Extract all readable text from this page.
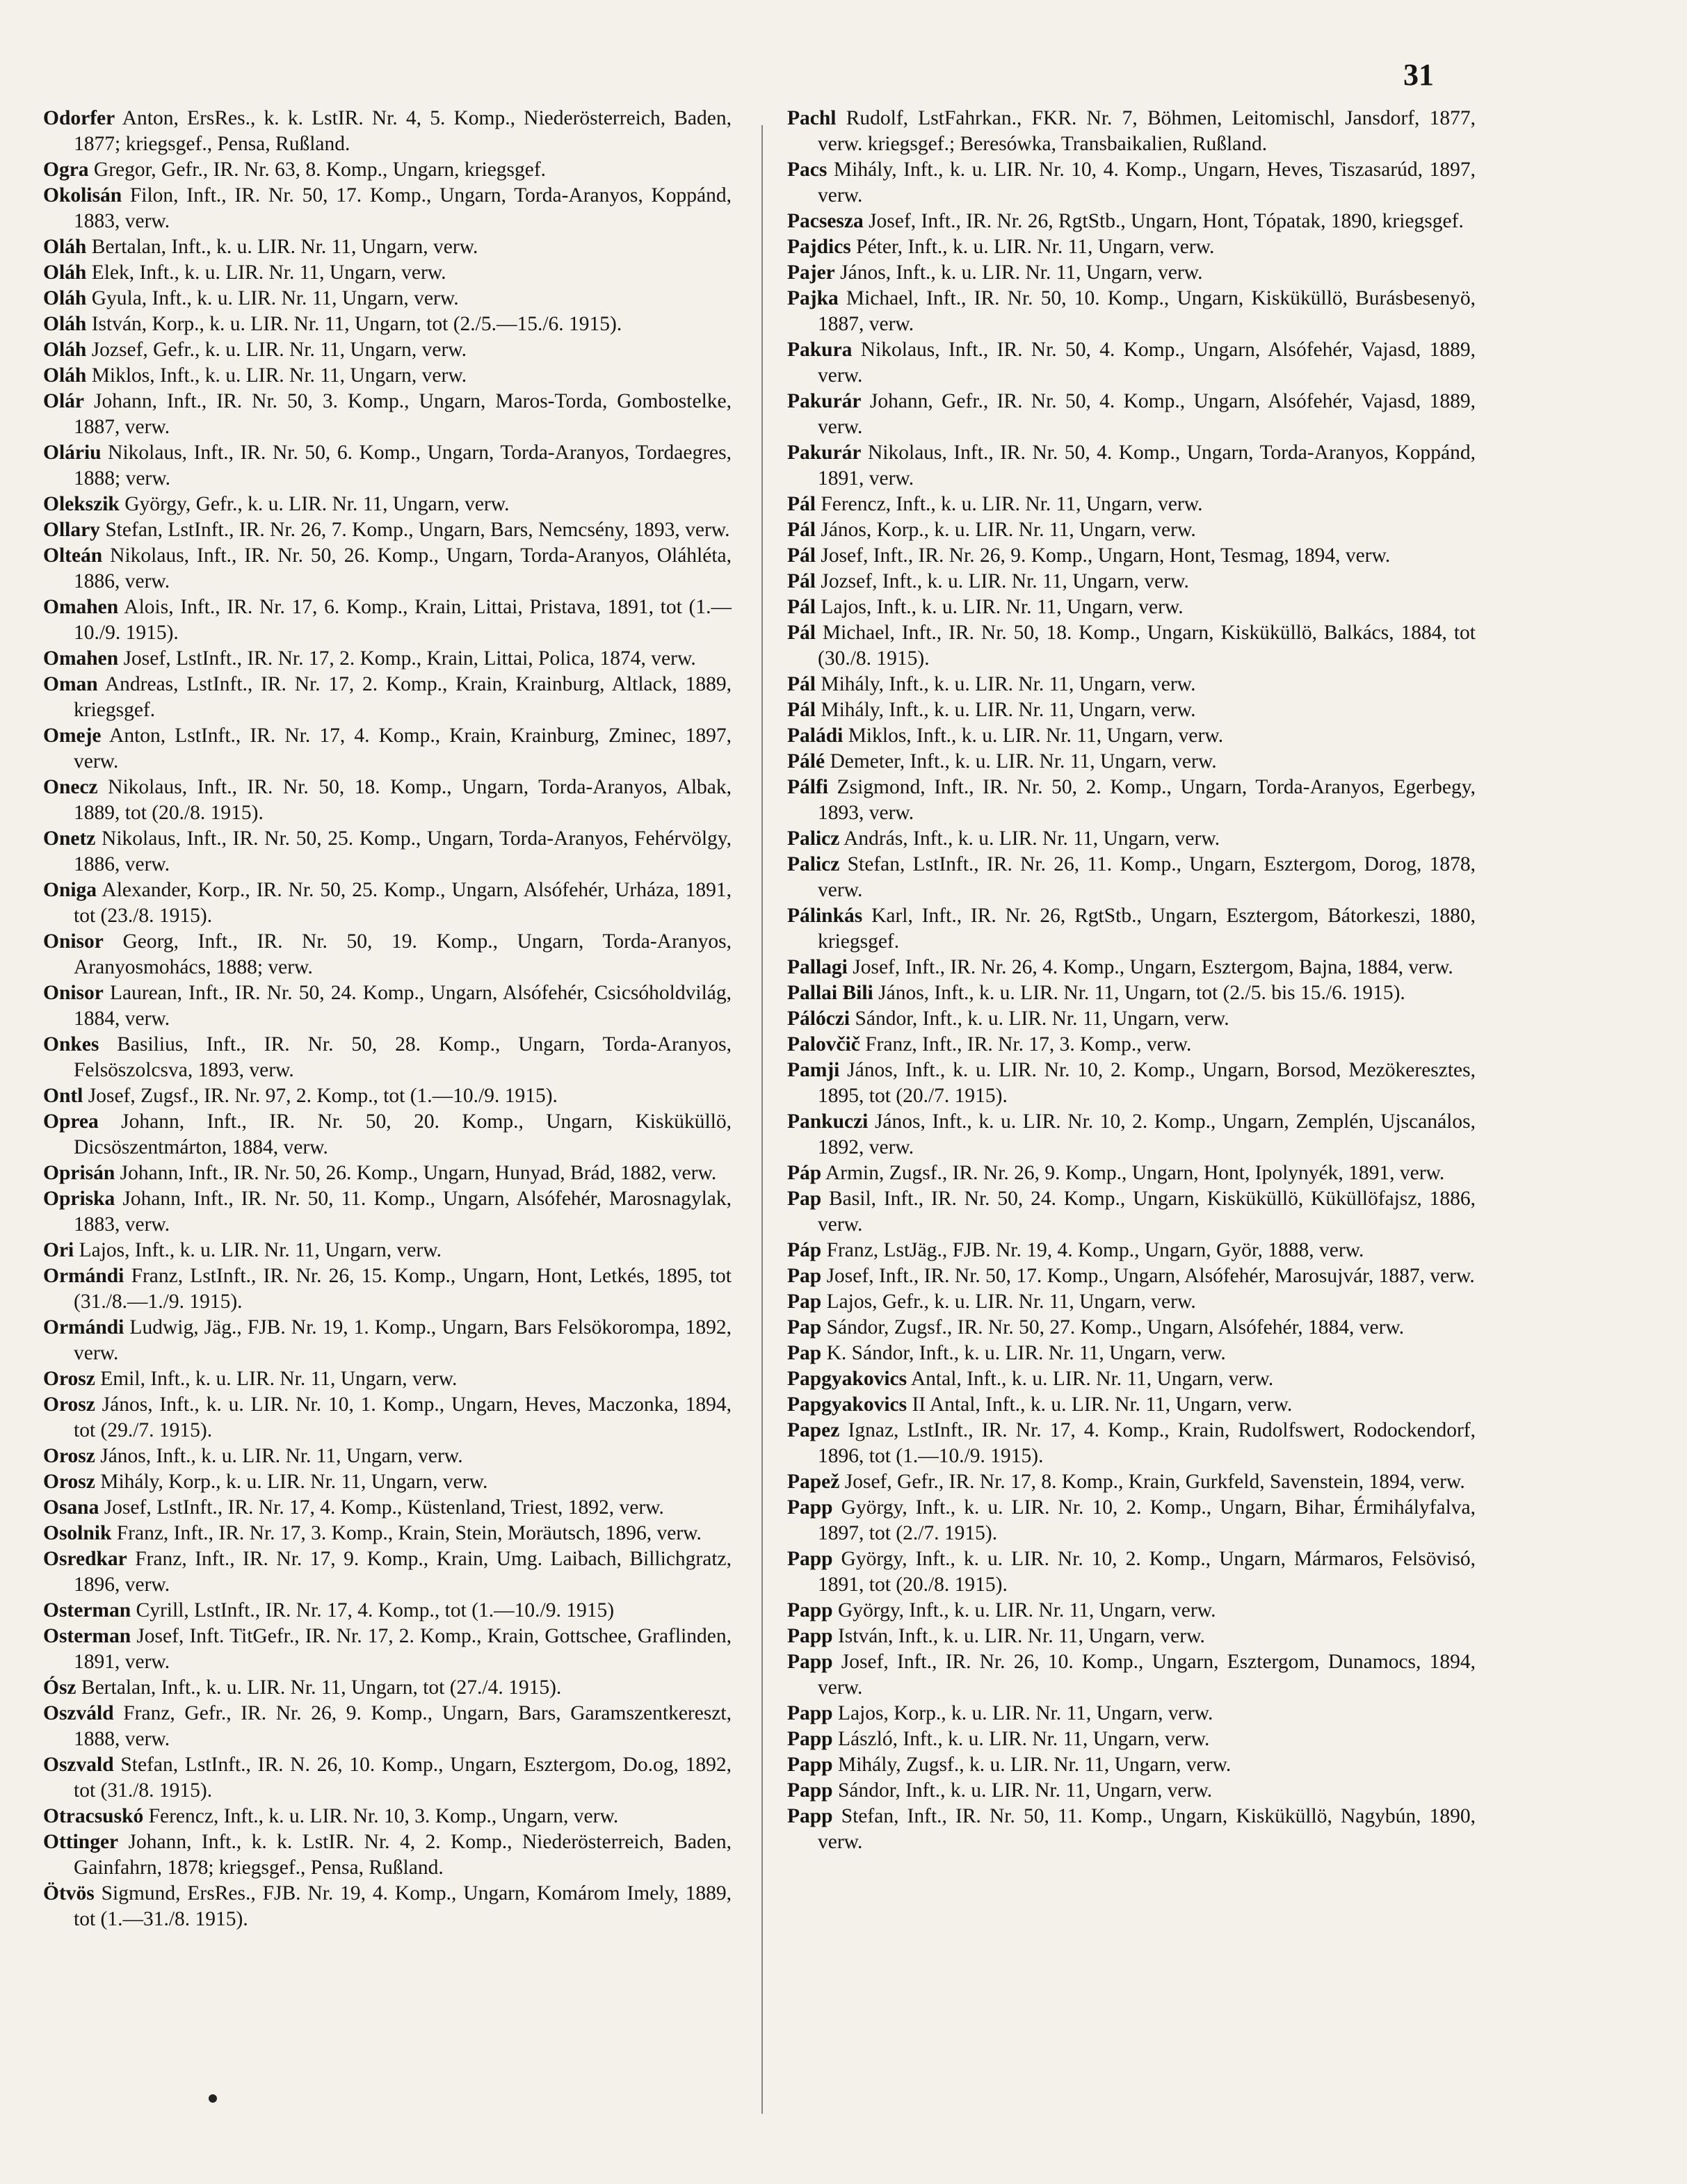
31
Odorfer Anton, ErsRes., k. k. LstIR. Nr. 4, 5. Komp., Niederösterreich, Baden, 1877; kriegsgef., Pensa, Rußland.
Ogra Gregor, Gefr., IR. Nr. 63, 8. Komp., Ungarn, kriegsgef.
Okolisán Filon, Inft., IR. Nr. 50, 17. Komp., Ungarn, Torda-Aranyos, Koppánd, 1883, verw.
Oláh Bertalan, Inft., k. u. LIR. Nr. 11, Ungarn, verw.
Oláh Elek, Inft., k. u. LIR. Nr. 11, Ungarn, verw.
Oláh Gyula, Inft., k. u. LIR. Nr. 11, Ungarn, verw.
Oláh István, Korp., k. u. LIR. Nr. 11, Ungarn, tot (2./5.—15./6. 1915).
Oláh Jozsef, Gefr., k. u. LIR. Nr. 11, Ungarn, verw.
Oláh Miklos, Inft., k. u. LIR. Nr. 11, Ungarn, verw.
Olár Johann, Inft., IR. Nr. 50, 3. Komp., Ungarn, Maros-Torda, Gombostelke, 1887, verw.
Oláriu Nikolaus, Inft., IR. Nr. 50, 6. Komp., Ungarn, Torda-Aranyos, Tordaegres, 1888; verw.
Olekszik György, Gefr., k. u. LIR. Nr. 11, Ungarn, verw.
Ollary Stefan, LstInft., IR. Nr. 26, 7. Komp., Ungarn, Bars, Nemcsény, 1893, verw.
Olteán Nikolaus, Inft., IR. Nr. 50, 26. Komp., Ungarn, Torda-Aranyos, Oláhléta, 1886, verw.
Omahen Alois, Inft., IR. Nr. 17, 6. Komp., Krain, Littai, Pristava, 1891, tot (1.—10./9. 1915).
Omahen Josef, LstInft., IR. Nr. 17, 2. Komp., Krain, Littai, Polica, 1874, verw.
Oman Andreas, LstInft., IR. Nr. 17, 2. Komp., Krain, Krainburg, Altlack, 1889, kriegsgef.
Omeje Anton, LstInft., IR. Nr. 17, 4. Komp., Krain, Krainburg, Zminec, 1897, verw.
Onecz Nikolaus, Inft., IR. Nr. 50, 18. Komp., Ungarn, Torda-Aranyos, Albak, 1889, tot (20./8. 1915).
Onetz Nikolaus, Inft., IR. Nr. 50, 25. Komp., Ungarn, Torda-Aranyos, Fehérvölgy, 1886, verw.
Oniga Alexander, Korp., IR. Nr. 50, 25. Komp., Ungarn, Alsófehér, Urháza, 1891, tot (23./8. 1915).
Onisor Georg, Inft., IR. Nr. 50, 19. Komp., Ungarn, Torda-Aranyos, Aranyosmohács, 1888; verw.
Onisor Laurean, Inft., IR. Nr. 50, 24. Komp., Ungarn, Alsófehér, Csicsóholdvilág, 1884, verw.
Onkes Basilius, Inft., IR. Nr. 50, 28. Komp., Ungarn, Torda-Aranyos, Felsöszolcsva, 1893, verw.
Ontl Josef, Zugsf., IR. Nr. 97, 2. Komp., tot (1.—10./9. 1915).
Oprea Johann, Inft., IR. Nr. 50, 20. Komp., Ungarn, Kisküküllö, Dicsöszentmárton, 1884, verw.
Oprisán Johann, Inft., IR. Nr. 50, 26. Komp., Ungarn, Hunyad, Brád, 1882, verw.
Opriska Johann, Inft., IR. Nr. 50, 11. Komp., Ungarn, Alsófehér, Marosnagylak, 1883, verw.
Ori Lajos, Inft., k. u. LIR. Nr. 11, Ungarn, verw.
Ormándi Franz, LstInft., IR. Nr. 26, 15. Komp., Ungarn, Hont, Letkés, 1895, tot (31./8.—1./9. 1915).
Ormándi Ludwig, Jäg., FJB. Nr. 19, 1. Komp., Ungarn, Bars Felsökorompa, 1892, verw.
Orosz Emil, Inft., k. u. LIR. Nr. 11, Ungarn, verw.
Orosz János, Inft., k. u. LIR. Nr. 10, 1. Komp., Ungarn, Heves, Maczonka, 1894, tot (29./7. 1915).
Orosz János, Inft., k. u. LIR. Nr. 11, Ungarn, verw.
Orosz Mihály, Korp., k. u. LIR. Nr. 11, Ungarn, verw.
Osana Josef, LstInft., IR. Nr. 17, 4. Komp., Küstenland, Triest, 1892, verw.
Osolnik Franz, Inft., IR. Nr. 17, 3. Komp., Krain, Stein, Moräutsch, 1896, verw.
Osredkar Franz, Inft., IR. Nr. 17, 9. Komp., Krain, Umg. Laibach, Billichgratz, 1896, verw.
Osterman Cyrill, LstInft., IR. Nr. 17, 4. Komp., tot (1.—10./9. 1915)
Osterman Josef, Inft. TitGefr., IR. Nr. 17, 2. Komp., Krain, Gottschee, Graflinden, 1891, verw.
Ósz Bertalan, Inft., k. u. LIR. Nr. 11, Ungarn, tot (27./4. 1915).
Oszváld Franz, Gefr., IR. Nr. 26, 9. Komp., Ungarn, Bars, Garamszentkereszt, 1888, verw.
Oszvald Stefan, LstInft., IR. N. 26, 10. Komp., Ungarn, Esztergom, Do.og, 1892, tot (31./8. 1915).
Otracsuskó Ferencz, Inft., k. u. LIR. Nr. 10, 3. Komp., Ungarn, verw.
Ottinger Johann, Inft., k. k. LstIR. Nr. 4, 2. Komp., Niederösterreich, Baden, Gainfahrn, 1878; kriegsgef., Pensa, Rußland.
Ötvös Sigmund, ErsRes., FJB. Nr. 19, 4. Komp., Ungarn, Komárom Imely, 1889, tot (1.—31./8. 1915).
Pachl Rudolf, LstFahrkan., FKR. Nr. 7, Böhmen, Leitomischl, Jansdorf, 1877, verw. kriegsgef.; Beresówka, Transbaikalien, Rußland.
Pacs Mihály, Inft., k. u. LIR. Nr. 10, 4. Komp., Ungarn, Heves, Tiszasarúd, 1897, verw.
Pacsesza Josef, Inft., IR. Nr. 26, RgtStb., Ungarn, Hont, Tópatak, 1890, kriegsgef.
Pajdics Péter, Inft., k. u. LIR. Nr. 11, Ungarn, verw.
Pajer János, Inft., k. u. LIR. Nr. 11, Ungarn, verw.
Pajka Michael, Inft., IR. Nr. 50, 10. Komp., Ungarn, Kisküküllö, Burásbesenyö, 1887, verw.
Pakura Nikolaus, Inft., IR. Nr. 50, 4. Komp., Ungarn, Alsófehér, Vajasd, 1889, verw.
Pakurár Johann, Gefr., IR. Nr. 50, 4. Komp., Ungarn, Alsófehér, Vajasd, 1889, verw.
Pakurár Nikolaus, Inft., IR. Nr. 50, 4. Komp., Ungarn, Torda-Aranyos, Koppánd, 1891, verw.
Pál Ferencz, Inft., k. u. LIR. Nr. 11, Ungarn, verw.
Pál János, Korp., k. u. LIR. Nr. 11, Ungarn, verw.
Pál Josef, Inft., IR. Nr. 26, 9. Komp., Ungarn, Hont, Tesmag, 1894, verw.
Pál Jozsef, Inft., k. u. LIR. Nr. 11, Ungarn, verw.
Pál Lajos, Inft., k. u. LIR. Nr. 11, Ungarn, verw.
Pál Michael, Inft., IR. Nr. 50, 18. Komp., Ungarn, Kisküküllö, Balkács, 1884, tot (30./8. 1915).
Pál Mihály, Inft., k. u. LIR. Nr. 11, Ungarn, verw.
Pál Mihály, Inft., k. u. LIR. Nr. 11, Ungarn, verw.
Paládi Miklos, Inft., k. u. LIR. Nr. 11, Ungarn, verw.
Pálé Demeter, Inft., k. u. LIR. Nr. 11, Ungarn, verw.
Pálfi Zsigmond, Inft., IR. Nr. 50, 2. Komp., Ungarn, Torda-Aranyos, Egerbegy, 1893, verw.
Palicz András, Inft., k. u. LIR. Nr. 11, Ungarn, verw.
Palicz Stefan, LstInft., IR. Nr. 26, 11. Komp., Ungarn, Esztergom, Dorog, 1878, verw.
Pálinkás Karl, Inft., IR. Nr. 26, RgtStb., Ungarn, Esztergom, Bátorkeszi, 1880, kriegsgef.
Pallagi Josef, Inft., IR. Nr. 26, 4. Komp., Ungarn, Esztergom, Bajna, 1884, verw.
Pallai Bili János, Inft., k. u. LIR. Nr. 11, Ungarn, tot (2./5. bis 15./6. 1915).
Pálóczi Sándor, Inft., k. u. LIR. Nr. 11, Ungarn, verw.
Palovčič Franz, Inft., IR. Nr. 17, 3. Komp., verw.
Pamji János, Inft., k. u. LIR. Nr. 10, 2. Komp., Ungarn, Borsod, Mezökeresztes, 1895, tot (20./7. 1915).
Pankuczi János, Inft., k. u. LIR. Nr. 10, 2. Komp., Ungarn, Zemplén, Ujscanálos, 1892, verw.
Páp Armin, Zugsf., IR. Nr. 26, 9. Komp., Ungarn, Hont, Ipolynyék, 1891, verw.
Pap Basil, Inft., IR. Nr. 50, 24. Komp., Ungarn, Kisküküllö, Küküllöfajsz, 1886, verw.
Páp Franz, LstJäg., FJB. Nr. 19, 4. Komp., Ungarn, Györ, 1888, verw.
Pap Josef, Inft., IR. Nr. 50, 17. Komp., Ungarn, Alsófehér, Marosujvár, 1887, verw.
Pap Lajos, Gefr., k. u. LIR. Nr. 11, Ungarn, verw.
Pap Sándor, Zugsf., IR. Nr. 50, 27. Komp., Ungarn, Alsófehér, 1884, verw.
Pap K. Sándor, Inft., k. u. LIR. Nr. 11, Ungarn, verw.
Papgyakovics Antal, Inft., k. u. LIR. Nr. 11, Ungarn, verw.
Papgyakovics II Antal, Inft., k. u. LIR. Nr. 11, Ungarn, verw.
Papez Ignaz, LstInft., IR. Nr. 17, 4. Komp., Krain, Rudolfswert, Rodockendorf, 1896, tot (1.—10./9. 1915).
Papež Josef, Gefr., IR. Nr. 17, 8. Komp., Krain, Gurkfeld, Savenstein, 1894, verw.
Papp György, Inft., k. u. LIR. Nr. 10, 2. Komp., Ungarn, Bihar, Érmihályfalva, 1897, tot (2./7. 1915).
Papp György, Inft., k. u. LIR. Nr. 10, 2. Komp., Ungarn, Mármaros, Felsövisó, 1891, tot (20./8. 1915).
Papp György, Inft., k. u. LIR. Nr. 11, Ungarn, verw.
Papp István, Inft., k. u. LIR. Nr. 11, Ungarn, verw.
Papp Josef, Inft., IR. Nr. 26, 10. Komp., Ungarn, Esztergom, Dunamocs, 1894, verw.
Papp Lajos, Korp., k. u. LIR. Nr. 11, Ungarn, verw.
Papp László, Inft., k. u. LIR. Nr. 11, Ungarn, verw.
Papp Mihály, Zugsf., k. u. LIR. Nr. 11, Ungarn, verw.
Papp Sándor, Inft., k. u. LIR. Nr. 11, Ungarn, verw.
Papp Stefan, Inft., IR. Nr. 50, 11. Komp., Ungarn, Kisküküllö, Nagybún, 1890, verw.
